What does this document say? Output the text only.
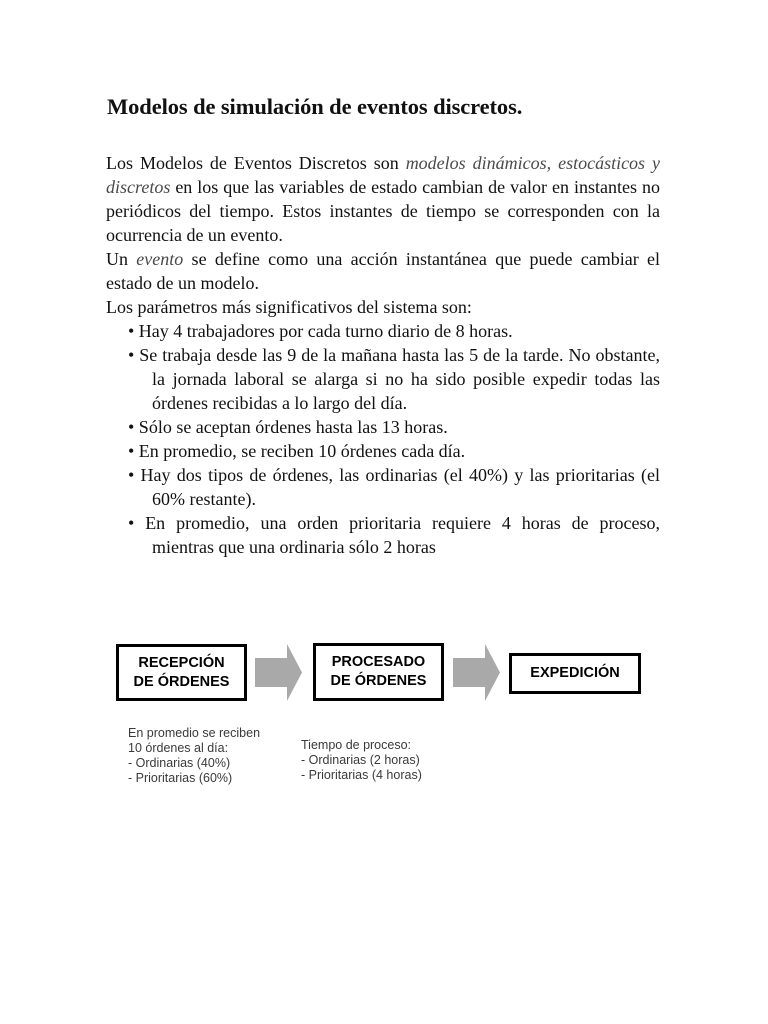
Modelos de simulación de eventos discretos.

Los Modelos de Eventos Discretos son modelos dinámicos, estocásticos y discretos en los que las variables de estado cambian de valor en instantes no periódicos del tiempo. Estos instantes de tiempo se corresponden con la ocurrencia de un evento.

Un evento se define como una acción instantánea que puede cambiar el estado de un modelo.

Los parámetros más significativos del sistema son:

• Hay 4 trabajadores por cada turno diario de 8 horas.
• Se trabaja desde las 9 de la mañana hasta las 5 de la tarde. No obstante, la jornada laboral se alarga si no ha sido posible expedir todas las órdenes recibidas a lo largo del día.
• Sólo se aceptan órdenes hasta las 13 horas.
• En promedio, se reciben 10 órdenes cada día.
• Hay dos tipos de órdenes, las ordinarias (el 40%) y las prioritarias (el 60% restante).
• En promedio, una orden prioritaria requiere 4 horas de proceso, mientras que una ordinaria sólo 2 horas
RECEPCIÓN
DE ÓRDENES
PROCESADO
DE ÓRDENES	EXPEDICIÓN
En promedio se reciben
10 órdenes al día:
- Ordinarias (40%)
- Prioritarias (60%)
Tiempo de proceso:
- Ordinarias (2 horas)
- Prioritarias (4 horas)
